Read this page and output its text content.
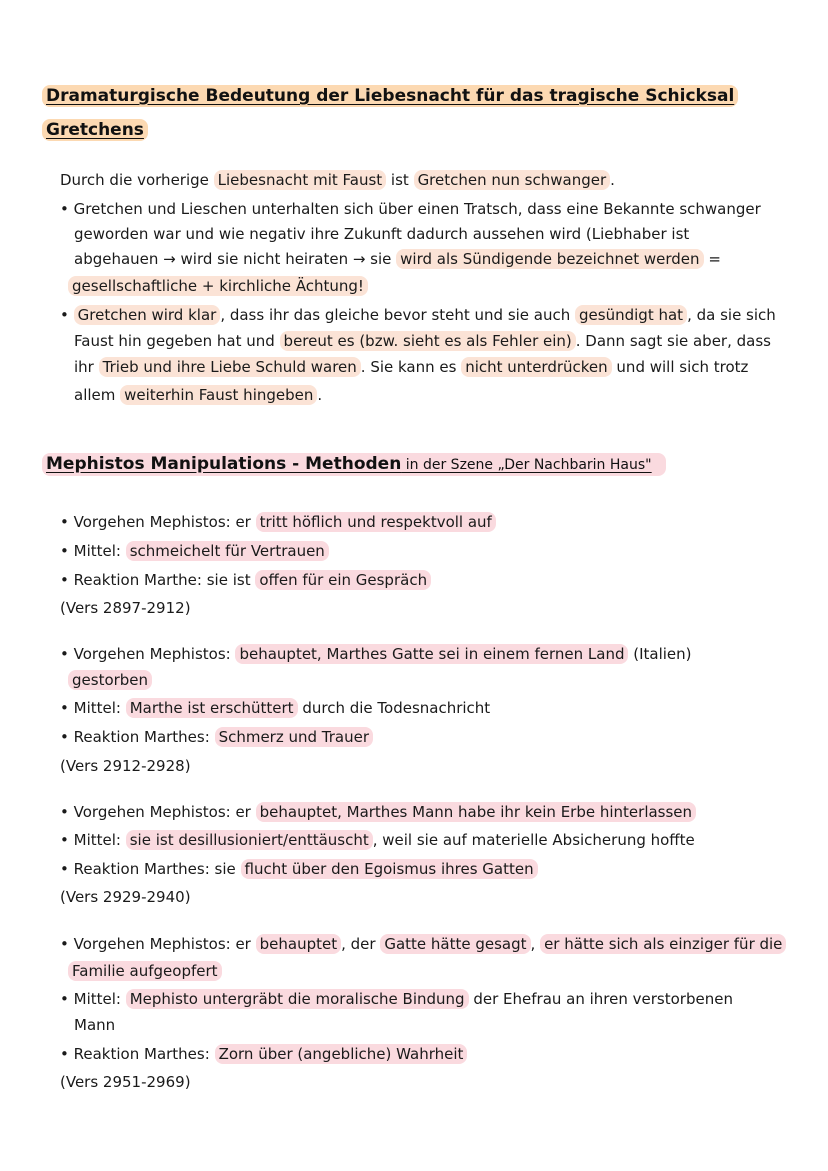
Dramaturgische Bedeutung der Liebesnacht für das tragische Schicksal
Gretchens
Durch die vorherige Liebesnacht mit Faust ist Gretchen nun schwanger .
• Gretchen und Lieschen unterhalten sich über einen Tratsch, dass eine Bekannte schwanger
geworden war und wie negativ ihre Zukunft dadurch aussehen wird (Liebhaber ist
abgehauen → wird sie nicht heiraten → sie wird als Sündigende bezeichnet werden =
gesellschaftliche + kirchliche Ächtung!
• Gretchen wird klar , dass ihr das gleiche bevor steht und sie auch gesündigt hat , da sie sich
Faust hin gegeben hat und bereut es (bzw. sieht es als Fehler ein) . Dann sagt sie aber, dass
ihr Trieb und ihre Liebe Schuld waren . Sie kann es nicht unterdrücken und will sich trotz
allem weiterhin Faust hingeben .
Mephistos Manipulations - Methoden in der Szene „Der Nachbarin Haus"
• Vorgehen Mephistos: er tritt höflich und respektvoll auf
• Mittel: schmeichelt für Vertrauen
• Reaktion Marthe: sie ist offen für ein Gespräch
(Vers 2897-2912)
• Vorgehen Mephistos: behauptet, Marthes Gatte sei in einem fernen Land (Italien)
gestorben
• Mittel: Marthe ist erschüttert durch die Todesnachricht
• Reaktion Marthes: Schmerz und Trauer
(Vers 2912-2928)
• Vorgehen Mephistos: er behauptet, Marthes Mann habe ihr kein Erbe hinterlassen
• Mittel: sie ist desillusioniert/enttäuscht , weil sie auf materielle Absicherung hoffte
• Reaktion Marthes: sie flucht über den Egoismus ihres Gatten
(Vers 2929-2940)
• Vorgehen Mephistos: er behauptet , der Gatte hätte gesagt , er hätte sich als einziger für die
Familie aufgeopfert
• Mittel: Mephisto untergräbt die moralische Bindung der Ehefrau an ihren verstorbenen
Mann
• Reaktion Marthes: Zorn über (angebliche) Wahrheit
(Vers 2951-2969)
